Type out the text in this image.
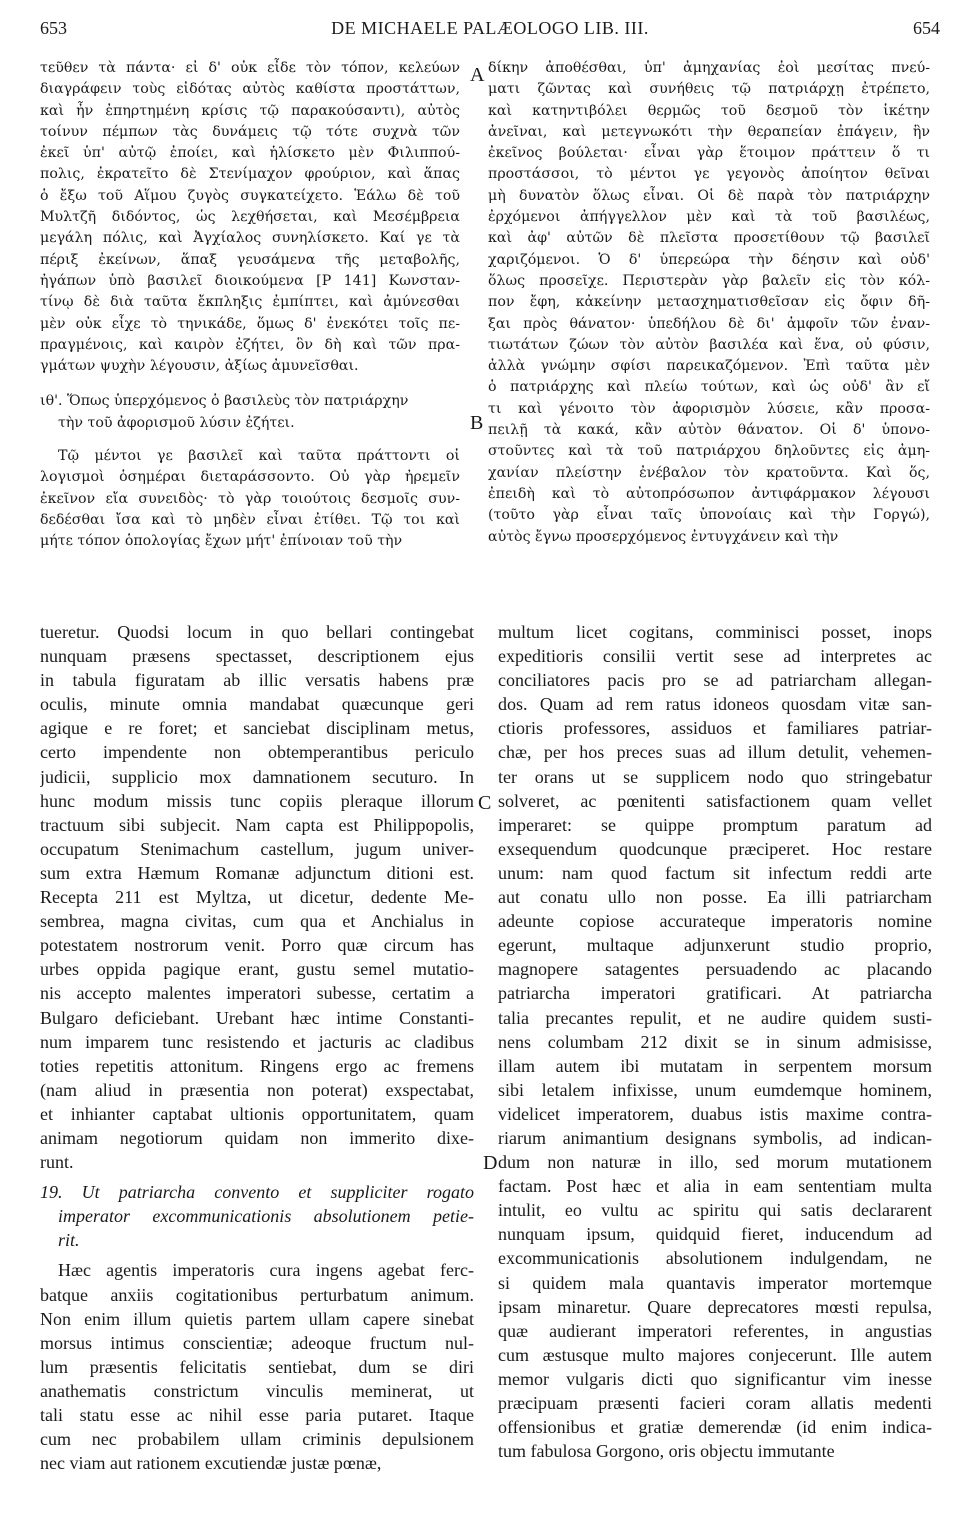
653	DE MICHAELE PALÆOLOGO LIB. III.	654
τεῦθεν τὰ πάντα· εἰ δ' οὐκ εἶδε τὸν τόπον, κελεύων
διαγράφειν τοὺς εἰδότας αὐτὸς καθίστα προστάττων,
καὶ ἦν ἐπηρτημένη κρίσις τῷ παρακούσαντι), αὐτὸς
τοίνυν πέμπων τὰς δυνάμεις τῷ τότε συχνὰ τῶν
ἐκεῖ ὑπ' αὐτῷ ἐποίει, καὶ ἡλίσκετο μὲν Φιλιππού-
πολις, ἐκρατεῖτο δὲ Στενίμαχον φρούριον, καὶ ἅπας
ὁ ἔξω τοῦ Αἵμου ζυγὸς συγκατείχετο. Ἑάλω δὲ τοῦ
Μυλτζῆ διδόντος, ὡς λεχθήσεται, καὶ Μεσέμβρεια
μεγάλη πόλις, καὶ Ἀγχίαλος συνηλίσκετο. Καί γε τὰ
πέριξ ἐκείνων, ἅπαξ γευσάμενα τῆς μεταβολῆς,
ἠγάπων ὑπὸ βασιλεῖ διοικούμενα [P 141] Κωνσταν-
τίνῳ δὲ διὰ ταῦτα ἔκπληξις ἐμπίπτει, καὶ ἀμύνεσθαι
μὲν οὐκ εἶχε τὸ τηνικάδε, ὅμως δ' ἐνεκότει τοῖς πε-
πραγμένοις, καὶ καιρὸν ἐζήτει, ὃν δὴ καὶ τῶν πρα-
γμάτων ψυχὴν λέγουσιν, ἀξίως ἀμυνεῖσθαι.
ιθ'. Ὅπως ὑπερχόμενος ὁ βασιλεὺς τὸν πατριάρχην
τὴν τοῦ ἀφορισμοῦ λύσιν ἐζήτει.
Τῷ μέντοι γε βασιλεῖ καὶ ταῦτα πράττοντι οἱ
λογισμοὶ ὁσημέραι διεταράσσοντο. Οὐ γὰρ ἠρεμεῖν
ἐκεῖνον εἴα συνειδὸς· τὸ γὰρ τοιούτοις δεσμοῖς συν-
δεδέσθαι ἴσα καὶ τὸ μηδὲν εἶναι ἐτίθει. Τῷ τοι καὶ
μήτε τόπον ὁπολογίας ἔχων μήτ' ἐπίνοιαν τοῦ τὴν
δίκην ἀποθέσθαι, ὑπ' ἀμηχανίας ἐοὶ μεσίτας πνεύ-
ματι ζῶντας καὶ συνήθεις τῷ πατριάρχῃ ἐτρέπετο,
καὶ κατηντιβόλει θερμῶς τοῦ δεσμοῦ τὸν ἱκέτην
ἀνεῖναι, καὶ μετεγνωκότι τὴν θεραπείαν ἐπάγειν, ἣν
ἐκεῖνος βούλεται· εἶναι γὰρ ἕτοιμον πράττειν ὅ τι
προστάσσοι, τὸ μέντοι γε γεγονὸς ἀποίητον θεῖναι
μὴ δυνατὸν ὅλως εἶναι. Οἱ δὲ παρὰ τὸν πατριάρχην
ἐρχόμενοι ἀπήγγελλον μὲν καὶ τὰ τοῦ βασιλέως,
καὶ ἀφ' αὐτῶν δὲ πλεῖστα προσετίθουν τῷ βασιλεῖ
χαριζόμενοι. Ὁ δ' ὑπερεώρα τὴν δέησιν καὶ οὐδ'
ὅλως προσεῖχε. Περιστερὰν γὰρ βαλεῖν εἰς τὸν κόλ-
πον ἔφη, κἀκείνην μετασχηματισθεῖσαν εἰς ὄφιν δῆ-
ξαι πρὸς θάνατον· ὑπεδήλου δὲ δι' ἀμφοῖν τῶν ἐναν-
τιωτάτων ζώων τὸν αὐτὸν βασιλέα καὶ ἕνα, οὐ φύσιν,
ἀλλὰ γνώμην σφίσι παρεικαζόμενον. Ἐπὶ ταῦτα μὲν
ὁ πατριάρχης καὶ πλείω τούτων, καὶ ὡς οὐδ' ἂν εἴ
τι καὶ γένοιτο τὸν ἀφορισμὸν λύσειε, κἂν προσα-
πειλῇ τὰ κακά, κἂν αὐτὸν θάνατον. Οἱ δ' ὑπονο-
στοῦντες καὶ τὰ τοῦ πατριάρχου δηλοῦντες εἰς ἀμη-
χανίαν πλείστην ἐνέβαλον τὸν κρατοῦντα. Καὶ ὅς,
ἐπειδὴ καὶ τὸ αὐτοπρόσωπον ἀντιφάρμακον λέγουσι
(τοῦτο γὰρ εἶναι ταῖς ὑπονοίαις καὶ τὴν Γοργώ),
αὐτὸς ἔγνω προσερχόμενος ἐντυγχάνειν καὶ τὴν
tueretur. Quodsi locum in quo bellari contingebat
nunquam præsens spectasset, descriptionem ejus
in tabula figuratam ab illic versatis habens præ
oculis, minute omnia mandabat quæcunque geri
agique e re foret; et sanciebat disciplinam metus,
certo impendente non obtemperantibus periculo
judicii, supplicio mox damnationem secuturo. In
hunc modum missis tunc copiis pleraque illorum
tractuum sibi subjecit. Nam capta est Philippopolis,
occupatum Stenimachum castellum, jugum univer-
sum extra Hæmum Romanæ adjunctum ditioni est.
Recepta 211 est Myltza, ut dicetur, dedente Me-
sembrea, magna civitas, cum qua et Anchialus in
potestatem nostrorum venit. Porro quæ circum has
urbes oppida pagique erant, gustu semel mutatio-
nis accepto malentes imperatori subesse, certatim a
Bulgaro deficiebant. Urebant hæc intime Constanti-
num imparem tunc resistendo et jacturis ac cladibus
toties repetitis attonitum. Ringens ergo ac fremens
(nam aliud in præsentia non poterat) exspectabat,
et inhianter captabat ultionis opportunitatem, quam
animam negotiorum quidam non immerito dixe-
runt.
19. Ut patriarcha convento et suppliciter rogato
imperator excommunicationis absolutionem petie-
rit.
Hæc agentis imperatoris cura ingens agebat ferc-
batque anxiis cogitationibus perturbatum animum.
Non enim illum quietis partem ullam capere sinebat
morsus intimus conscientiæ; adeoque fructum nul-
lum præsentis felicitatis sentiebat, dum se diri
anathematis constrictum vinculis meminerat, ut
tali statu esse ac nihil esse paria putaret. Itaque
cum nec probabilem ullam criminis depulsionem
nec viam aut rationem excutiendæ justæ pœnæ,
multum licet cogitans, comminisci posset, inops
expeditioris consilii vertit sese ad interpretes ac
conciliatores pacis pro se ad patriarcham allegan-
dos. Quam ad rem ratus idoneos quosdam vitæ san-
ctioris professores, assiduos et familiares patriar-
chæ, per hos preces suas ad illum detulit, vehemen-
ter orans ut se supplicem nodo quo stringebatur
solveret, ac pœnitenti satisfactionem quam vellet
imperaret: se quippe promptum paratum ad
exsequendum quodcunque præciperet. Hoc restare
unum: nam quod factum sit infectum reddi arte
aut conatu ullo non posse. Ea illi patriarcham
adeunte copiose accurateque imperatoris nomine
egerunt, multaque adjunxerunt studio proprio,
magnopere satagentes persuadendo ac placando
patriarcha imperatori gratificari. At patriarcha
talia precantes repulit, et ne audire quidem susti-
nens columbam 212 dixit se in sinum admisisse,
illam autem ibi mutatam in serpentem morsum
sibi letalem infixisse, unum eumdemque hominem,
videlicet imperatorem, duabus istis maxime contra-
riarum animantium designans symbolis, ad indican-
dum non naturæ in illo, sed morum mutationem
factam. Post hæc et alia in eam sententiam multa
intulit, eo vultu ac spiritu qui satis declararent
nunquam ipsum, quidquid fieret, inducendum ad
excommunicationis absolutionem indulgendam, ne
si quidem mala quantavis imperator mortemque
ipsam minaretur. Quare deprecatores mœsti repulsa,
quæ audierant imperatori referentes, in angustias
cum æstusque multo majores conjecerunt. Ille autem
memor vulgaris dicti quo significantur vim inesse
præcipuam præsenti facieri coram allatis medenti
offensionibus et gratiæ demerendæ (id enim indica-
tum fabulosa Gorgono, oris objectu immutante
A
B
C
D
